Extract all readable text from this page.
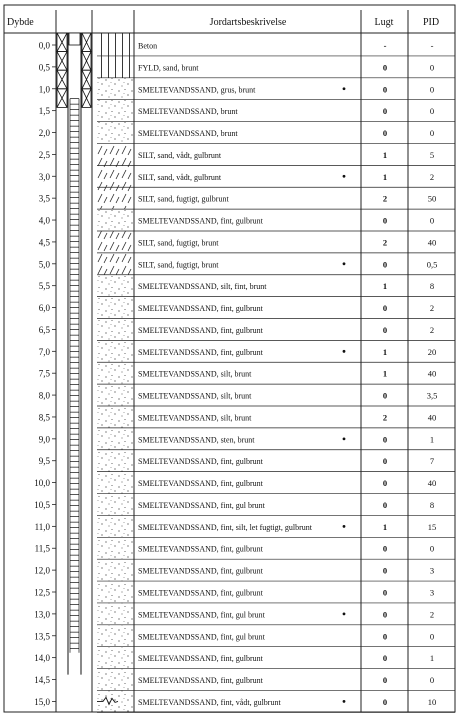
Dybde	Jordartsbeskrivelse	Lugt	PID
0,0	Beton	-	-
0,5	FYLD, sand, brunt	0	0
1,0	SMELTEVANDSSAND, grus, brunt	0	0
1,5	SMELTEVANDSSAND, brunt	0	0
2,0	SMELTEVANDSSAND, brunt	0	0
2,5	SILT, sand, vådt, gulbrunt	1	5
3,0	SILT, sand, vådt, gulbrunt	1	2
3,5	SILT, sand, fugtigt, gulbrunt	2	50
4,0	SMELTEVANDSSAND, fint, gulbrunt	0	0
4,5	SILT, sand, fugtigt, brunt	2	40
5,0	SILT, sand, fugtigt, brunt	0	0,5
5,5	SMELTEVANDSSAND, silt, fint, brunt	1	8
6,0	SMELTEVANDSSAND, fint, gulbrunt	0	2
6,5	SMELTEVANDSSAND, fint, gulbrunt	0	2
7,0	SMELTEVANDSSAND, fint, gulbrunt	1	20
7,5	SMELTEVANDSSAND, silt, brunt	1	40
8,0	SMELTEVANDSSAND, silt, brunt	0	3,5
8,5	SMELTEVANDSSAND, silt, brunt	2	40
9,0	SMELTEVANDSSAND, sten, brunt	0	1
9,5	SMELTEVANDSSAND, fint, gulbrunt	0	7
10,0	SMELTEVANDSSAND, fint, gulbrunt	0	40
10,5	SMELTEVANDSSAND, fint, gul brunt	0	8
11,0	SMELTEVANDSSAND, fint, silt, let fugtigt, gulbrunt	1	15
11,5	SMELTEVANDSSAND, fint, gulbrunt	0	0
12,0	SMELTEVANDSSAND, fint, gulbrunt	0	3
12,5	SMELTEVANDSSAND, fint, gulbrunt	0	3
13,0	SMELTEVANDSSAND, fint, gul brunt	0	2
13,5	SMELTEVANDSSAND, fint, gul brunt	0	0
14,0	SMELTEVANDSSAND, fint, gulbrunt	0	1
14,5	SMELTEVANDSSAND, fint, gulbrunt	0	0
15,0	SMELTEVANDSSAND, fint, vådt, gulbrunt	0	10
